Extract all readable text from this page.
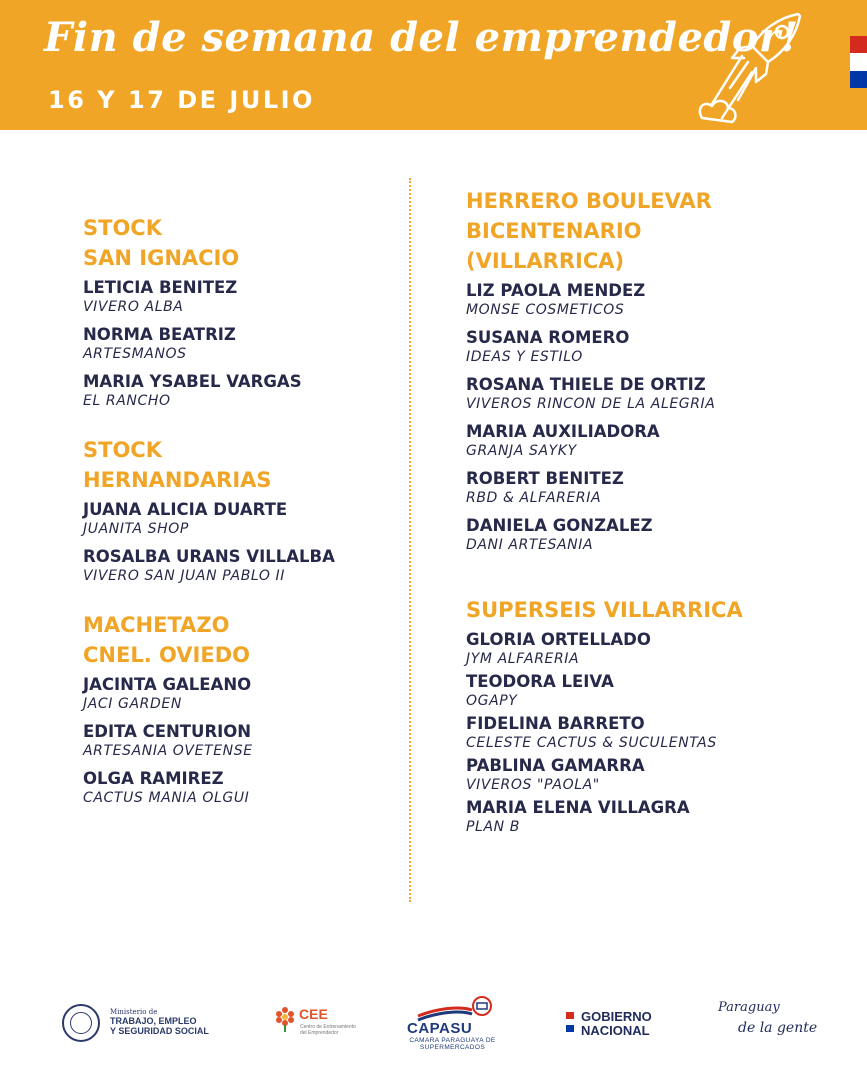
Fin de semana del emprendedor!
16 Y 17 DE JULIO
STOCK
SAN IGNACIO
LETICIA BENITEZ
VIVERO ALBA
NORMA BEATRIZ
ARTESMANOS
MARIA YSABEL VARGAS
EL RANCHO
STOCK
HERNANDARIAS
JUANA ALICIA DUARTE
JUANITA SHOP
ROSALBA URANS VILLALBA
VIVERO SAN JUAN PABLO II
MACHETAZO
CNEL. OVIEDO
JACINTA GALEANO
JACI GARDEN
EDITA CENTURION
ARTESANIA OVETENSE
OLGA RAMIREZ
CACTUS MANIA OLGUI
HERRERO BOULEVAR
BICENTENARIO
(VILLARRICA)
LIZ PAOLA MENDEZ
MONSE COSMETICOS
SUSANA ROMERO
IDEAS Y ESTILO
ROSANA THIELE DE ORTIZ
VIVEROS RINCON DE LA ALEGRIA
MARIA AUXILIADORA
GRANJA SAYKY
ROBERT BENITEZ
RBD & ALFARERIA
DANIELA GONZALEZ
DANI ARTESANIA
SUPERSEIS VILLARRICA
GLORIA ORTELLADO
JYM ALFARERIA
TEODORA LEIVA
OGAPY
FIDELINA BARRETO
CELESTE CACTUS & SUCULENTAS
PABLINA GAMARRA
VIVEROS "PAOLA"
MARIA ELENA VILLAGRA
PLAN B
Ministerio de
TRABAJO, EMPLEO
Y SEGURIDAD SOCIAL
CEE
Centro de Entrenamiento del Emprendedor	CAPASU
CAMARA PARAGUAYA DE SUPERMERCADOS
GOBIERNO
NACIONAL
Paraguay
de la gente
